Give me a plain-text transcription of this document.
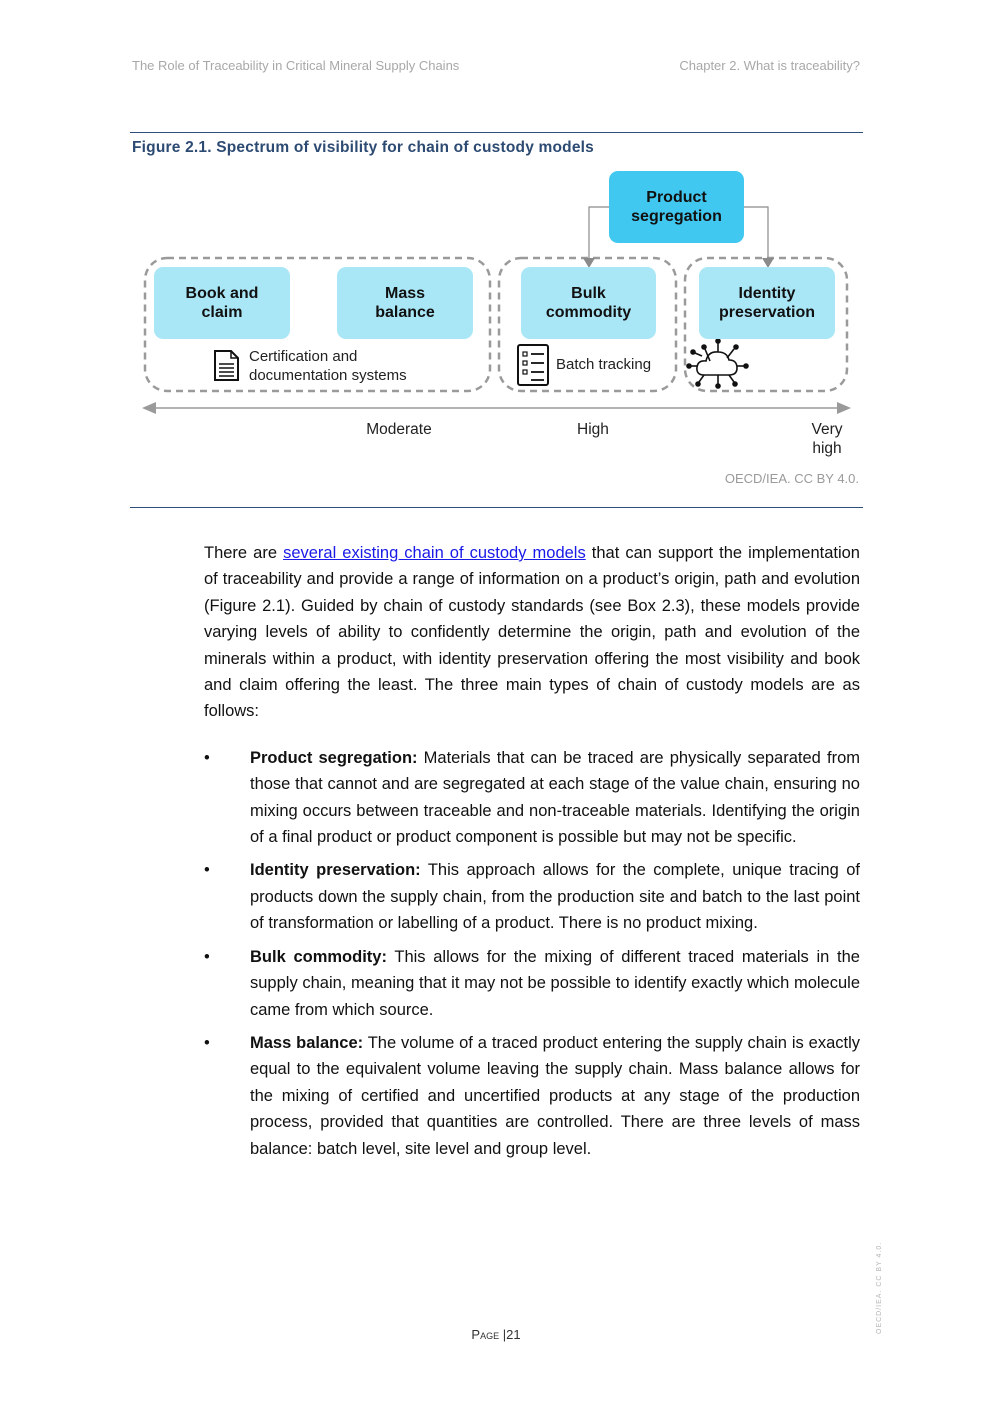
The Role of Traceability in Critical Mineral Supply Chains	Chapter 2. What is traceability?
Figure 2.1. Spectrum of visibility for chain of custody models
Product
segregation
Book and
claim
Mass
balance
Bulk
commodity
Identity
preservation
Certification and
documentation systems
Batch tracking
Moderate	High	Very
high
OECD/IEA. CC BY 4.0.

There are several existing chain of custody models that can support the implementation of traceability and provide a range of information on a product’s origin, path and evolution (Figure 2.1). Guided by chain of custody standards (see Box 2.3), these models provide varying levels of ability to confidently determine the origin, path and evolution of the minerals within a product, with identity preservation offering the most visibility and book and claim offering the least. The three main types of chain of custody models are as follows:

• Product segregation: Materials that can be traced are physically separated from those that cannot and are segregated at each stage of the value chain, ensuring no mixing occurs between traceable and non-traceable materials. Identifying the origin of a final product or product component is possible but may not be specific.
• Identity preservation: This approach allows for the complete, unique tracing of products down the supply chain, from the production site and batch to the last point of transformation or labelling of a product. There is no product mixing.
• Bulk commodity: This allows for the mixing of different traced materials in the supply chain, meaning that it may not be possible to identify exactly which molecule came from which source.
• Mass balance: The volume of a traced product entering the supply chain is exactly equal to the equivalent volume leaving the supply chain. Mass balance allows for the mixing of certified and uncertified products at any stage of the production process, provided that quantities are controlled. There are three levels of mass balance: batch level, site level and group level.
Page |21
OECD/IEA. CC BY 4.0.
